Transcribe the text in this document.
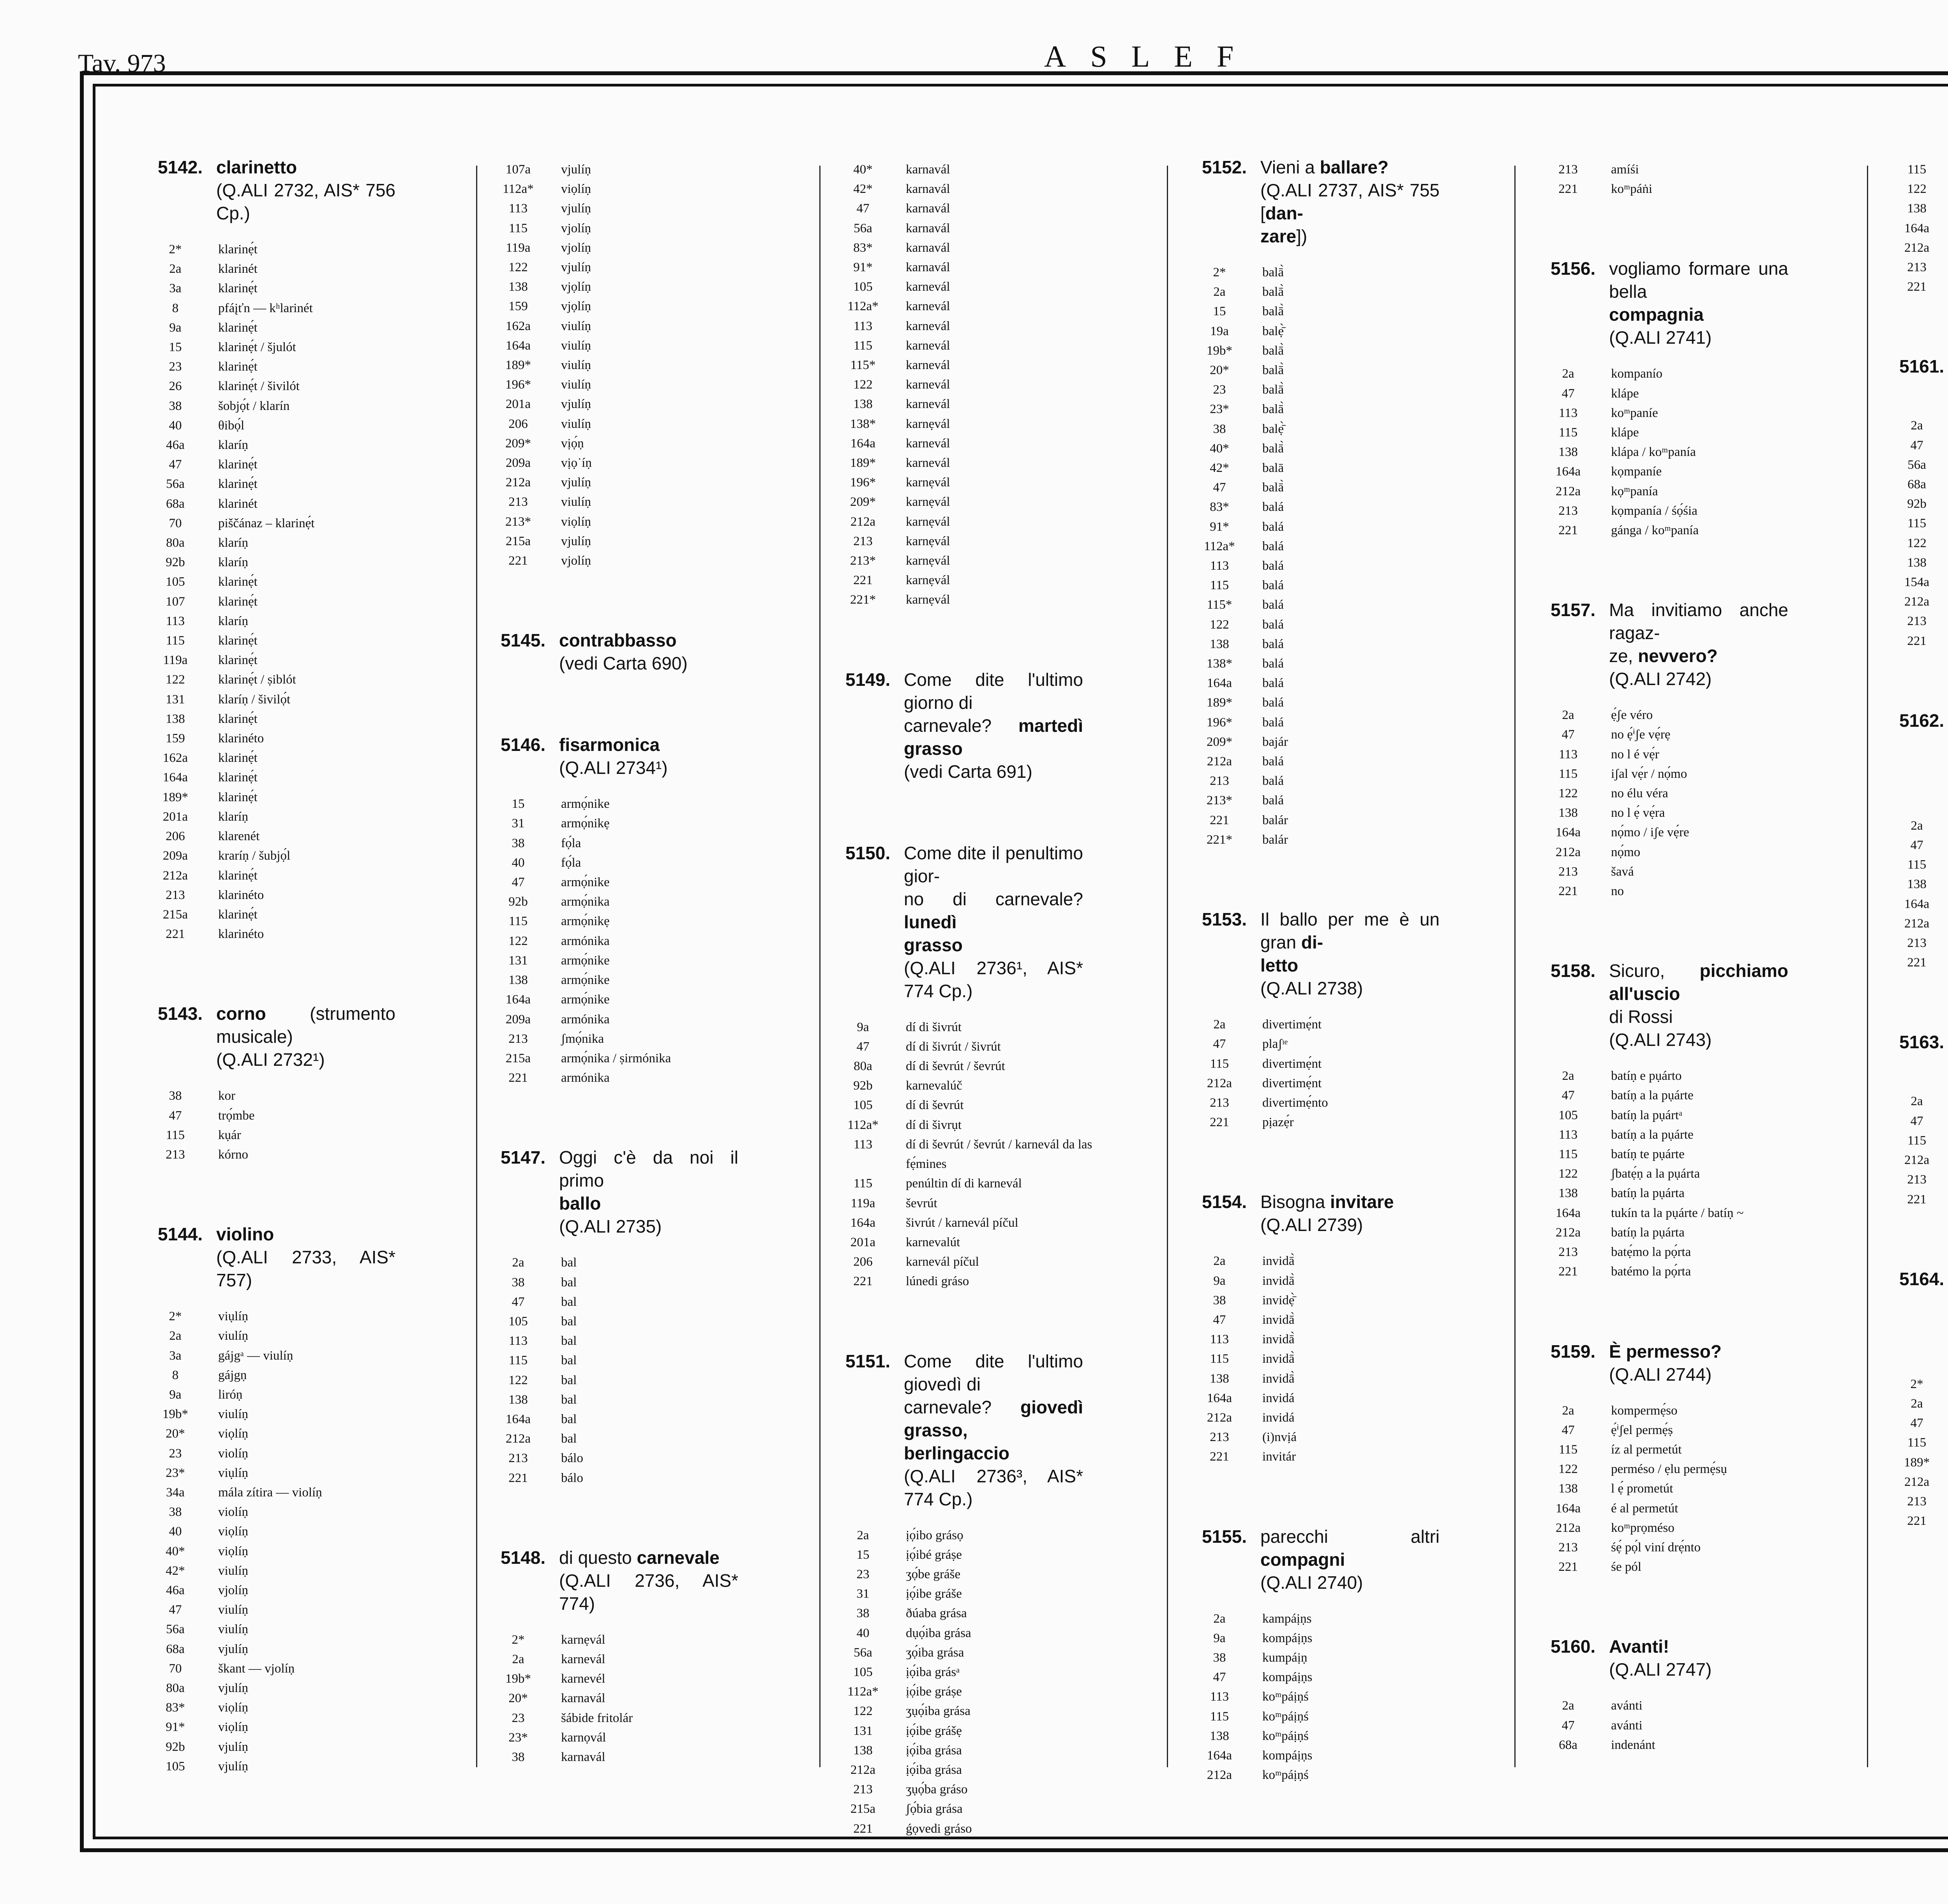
Tav. 973	ASLEF
5142. clarinetto
(Q.ALI 2732, AIS* 756 Cp.)
2*	klarinẹ́t
2a	klarinét
3a	klarinẹ́t
8	pfáįťn — kʰlarinét
9a	klarinẹ́t
15	klarinẹ́t / šjulót
23	klarinẹ́t
26	klarinẹ́t / šivilót
38	šobjọ́t / klarín
40	θibọ́l
46a	klaríṇ
47	klarinẹ́t
56a	klarinẹ́t
68a	klarinét
70	piščánaz – klarinẹ́t
80a	klaríṇ
92b	klaríṇ
105	klarinẹ́t
107	klarinẹ́t
113	klaríṇ
115	klarinẹ́t
119a	klarinẹ́t
122	klarinẹ́t / ṣiblót
131	klaríṇ / šivilọ́t
138	klarinẹ́t
159	klarinéto
162a	klarinẹ́t
164a	klarinẹ́t
189*	klarinẹ́t
201a	klaríṇ
206	klarenét
209a	kraríṇ / šubjọ́l
212a	klarinẹ́t
213	klarinéto
215a	klarinẹ́t
221	klarinéto
5143. corno (strumento musicale)
(Q.ALI 2732¹)
38	kor
47	trọ́mbe
115	kụár
213	kórno
5144. violino
(Q.ALI 2733, AIS* 757)
2*	viụlíṇ
2a	viulíṇ
3a	gájgᵃ — viulíṇ
8	gájgṇ
9a	liróṇ
19b*	viulíṇ
20*	viọlíṇ
23	violíṇ
23*	viụlíṇ
34a	mála zítira — violíṇ
38	violíṇ
40	viọlíṇ
40*	viọlíṇ
42*	viulíṇ
46a	vjolíṇ
47	viulíṇ
56a	viulíṇ
68a	vjulíṇ
70	škant — vjolíṇ
80a	vjulíṇ
83*	viọlíṇ
91*	viọlíṇ
92b	vjulíṇ
105	vjulíṇ
107a	vjulíṇ
112a* viọlíṇ
113	vjulíṇ
115	vjolíṇ
119a	vjolíṇ
122	vjulíṇ
138	vjọlíṇ
159	vjọlíṇ
162a	viulíṇ
164a	viulíṇ
189*	viulíṇ
196*	viulíṇ
201a	vjulíṇ
206	viulíṇ
209*	vịọ́ṇ
209a	vịọ˙íṇ
212a	vjulíṇ
213	viulíṇ
213*	viọlíṇ
215a	vjulíṇ
221	vjolíṇ
5145. contrabbasso
(vedi Carta 690)
5146. fisarmonica
(Q.ALI 2734¹)
15	armọ́nike
31	armọ́nikẹ
38	fọ́la
40	fọ́la
47	armọ́nike
92b	armọ́nika
115	armọ́nikẹ
122	armónika
131	armọ́nike
138	armọ́nike
164a	armọ́nike
209a	armónika
213	ʃmọ́nika
215a	armọ́nika / ṣirmónika
221	armónika
5147. Oggi c'è da noi il primo
ballo
(Q.ALI 2735)
2a	bal
38	bal
47	bal
105	bal
113	bal
115	bal
122	bal
138	bal
164a	bal
212a	bal
213	bálo
221	bálo
5148. di questo carnevale
(Q.ALI 2736, AIS* 774)
2*	karnẹvál
2a	karnevál
19b*	karnevél
20*	karnavál
23	šábide fritolár
23*	karnọvál
38	karnavál
40*	karnavál
42*	karnavál
47	karnavál
56a	karnavál
83*	karnavál
91*	karnavál
105	karnevál
112a* karnevál
113	karnevál
115	karnevál
115*	karnevál
122	karnevál
138	karnevál
138*	karnẹvál
164a	karnevál
189*	karnevál
196*	karnẹvál
209*	karnẹvál
212a	karnẹvál
213	karnẹvál
213*	karnẹvál
221	karnẹvál
221*	karnẹvál
5149. Come dite l'ultimo giorno di
carnevale? martedì grasso
(vedi Carta 691)
5150. Come dite il penultimo gior-
no di carnevale? lunedì
grasso
(Q.ALI 2736¹, AIS* 774 Cp.)
9a	dí di šivrút
47	dí di šivrút / šivrút
80a	dí di ševrút / ševrút
92b	karnevalúč
105	dí di ševrút
112a* dí di šivrụt
113	dí di ševrút / ševrút / karnevál da las
fẹ́mines
115	penúltin dí di karnevál
119a	ševrút
164a	šivrút / karnevál píčul
201a	karnevalút
206	karnevál píčul
221	lúnedi gráso
5151. Come dite l'ultimo giovedì di
carnevale? giovedì grasso,
berlingaccio
(Q.ALI 2736³, AIS* 774 Cp.)
2a	ịọ́ibo grásọ
15	ịọ́ibé gráṣe
23	ʒọ́be gráše
31	ịọ́ibe gráše
38	ðúaba grása
40	dụọ́iba grása
56a	ʒọ́iba grása
105	ịọ́iba grásᵃ
112a* ịọ́ibe gráṣe
122	ʒụọ́iba grása
131	ịọ́ibe grášẹ
138	ịọ́iba grása
212a	ịọ́iba grása
213	ʒụọ́ba gráso
215a	ʃọ́bia grása
221	ǵọvedi gráso
5152. Vieni a ballare?
(Q.ALI 2737, AIS* 755 [dan-
zare])
2*	balā̀
2a	balā̀
15	balā̀
19a	balẹ̄̀
19b*	balā̀
20*	balā̀
23	balā̀
23*	balā̀
38	balẹ̄̀
40*	balā̀
42*	balā
47	balā̀
83*	balá
91*	balá
112a* balá
113	balá
115	balá
115*	balá
122	balá
138	balá
138*	balá
164a	balá
189*	balá
196*	balá
209*	bajár
212a	balá
213	balá
213*	balá
221	balár
221*	balár
5153. Il ballo per me è un gran di-
letto
(Q.ALI 2738)
2a	divertimẹ́nt
47	plaʃᶦᵉ
115	divertimẹ́nt
212a	divertimẹ́nt
213	divertimẹ́nto
221	pịazẹ́r
5154. Bisogna invitare
(Q.ALI 2739)
2a	invidā̀
9a	invidā̀
38	invidẹ̄̀
47	invidā̀
113	invidā̀
115	invidā̀
138	invidā̀
164a	invidá
212a	invidá
213	(i)nvịá
221	invitár
5155. parecchi altri compagni
(Q.ALI 2740)
2a	kampáịṇs
9a	kompáịṇs
38	kumpáịṇ
47	kompáịṇs
113	koᵐpáịṇś
115	koᵐpáịṇś
138	koᵐpáịṇś
164a	kompáịṇs
212a	koᵐpáịṇś
213	amíśi
221	koᵐpáṅi
5156. vogliamo formare una bella
compagnia
(Q.ALI 2741)
2a	kompanío
47	klápe
113	koᵐpaníe
115	klápe
138	klápa / koᵐpanía
164a	kọmpaníe
212a	kọᵐpanía
213	kọmpanía / śọ́śia
221	gánga / koᵐpanía
5157. Ma invitiamo anche ragaz-
ze, nevvero?
(Q.ALI 2742)
2a	ẹ́ʃe véro
47	no ẹ́ⁱʃe vẹ́rẹ
113	no l é vẹ́r
115	iʃal vẹ́r / nọ́mo
122	no élu véra
138	no l ẹ́ vẹ́ra
164a	nọ́mo / iʃe vẹ́re
212a	nọ́mo
213	šavá
221	no
5158. Sicuro, picchiamo all'uscio
di Rossi
(Q.ALI 2743)
2a	batíṇ e pụárto
47	batíṇ a la pụárte
105	batíṇ la pụártᵃ
113	batíṇ a la pụárte
115	batíṇ te pụárte
122	ʃbatẹ́ṇ a la pụárta
138	batíṇ la pụárta
164a	tukín ta la pụárte / batíṇ ~
212a	batíṇ la pụárta
213	batẹ́mo la pọ́rta
221	batémo la pọ́rta
5159. È permesso?
(Q.ALI 2744)
2a	kompermẹ́so
47	ẹ́ⁱʃel permẹ́ṣ
115	íz al permetút
122	perméso / ẹlu permẹ́sụ
138	l ẹ́ prometút
164a	é al permetút
212a	koᵐprọméso
213	śẹ́ pọ́l viní drẹ́nto
221	śe pól
5160. Avanti!
(Q.ALI 2747)
2a	avánti
47	avánti
68a	indenánt
115
122
138
164a
212a
213
221
5161.
2a
47
56a
68a
92b
115
122
138
154a
212a
213
221
5162.
2a
47
115
138
164a
212a
213
221
5163.
2a
47
115
212a
213
221
5164.
2*
2a
47
115
189*
212a
213
221
